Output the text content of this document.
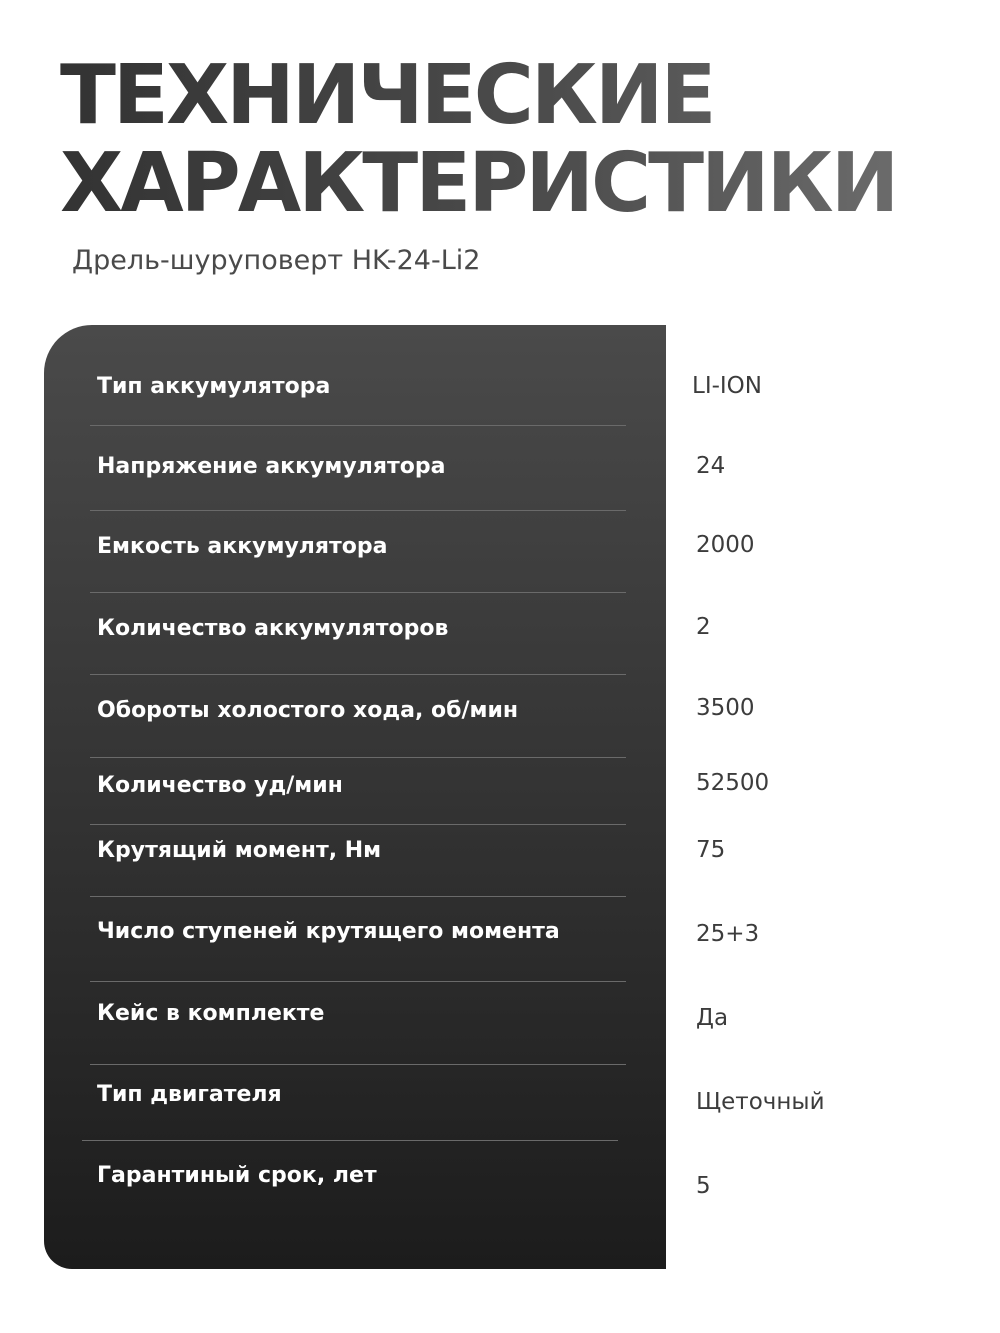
ТЕХНИЧЕСКИЕ
ХАРАКТЕРИСТИКИ
Дрель-шуруповерт HK-24-Li2
Тип аккумулятора	LI-ION
Напряжение аккумулятора	24
Емкость аккумулятора	2000
Количество аккумуляторов	2
Обороты холостого хода, об/мин	3500
Количество уд/мин	52500
Крутящий момент, Нм	75
Число ступеней крутящего момента	25+3
Кейс в комплекте	Да
Тип двигателя	Щеточный
Гарантиный срок, лет	5
